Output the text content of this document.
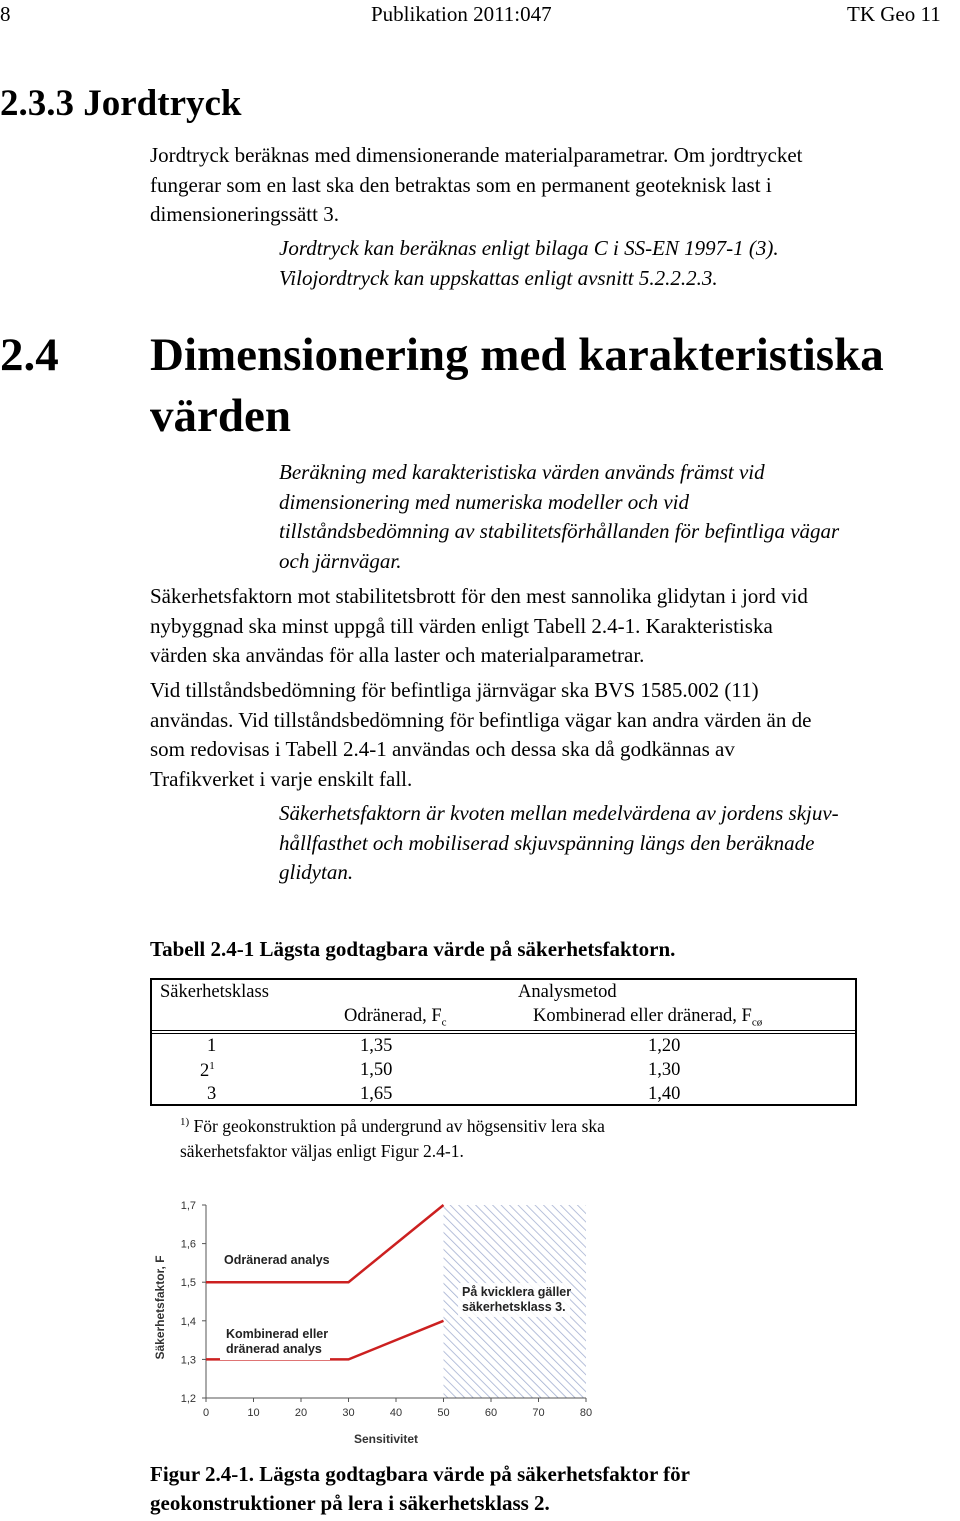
8	Publikation 2011:047	TK Geo 11
2.3.3 Jordtryck
Jordtryck beräknas med dimensionerande materialparametrar. Om jordtrycket
fungerar som en last ska den betraktas som en permanent geoteknisk last i
dimensioneringssätt 3.
Jordtryck kan beräknas enligt bilaga C i SS-EN 1997-1 (3).
Vilojordtryck kan uppskattas enligt avsnitt 5.2.2.2.3.
2.4 Dimensionering med karakteristiska
värden
Beräkning med karakteristiska värden används främst vid
dimensionering med numeriska modeller och vid
tillståndsbedömning av stabilitetsförhållanden för befintliga vägar
och järnvägar.
Säkerhetsfaktorn mot stabilitetsbrott för den mest sannolika glidytan i jord vid
nybyggnad ska minst uppgå till värden enligt Tabell 2.4-1. Karakteristiska
värden ska användas för alla laster och materialparametrar.
Vid tillståndsbedömning för befintliga järnvägar ska BVS 1585.002 (11)
användas. Vid tillståndsbedömning för befintliga vägar kan andra värden än de
som redovisas i Tabell 2.4-1 användas och dessa ska då godkännas av
Trafikverket i varje enskilt fall.
Säkerhetsfaktorn är kvoten mellan medelvärdena av jordens skjuv-
hållfasthet och mobiliserad skjuvspänning längs den beräknade
glidytan.
Tabell 2.4-1 Lägsta godtagbara värde på säkerhetsfaktorn.
Säkerhetsklass	Analysmetod
Odränerad, $F_c$	Kombinerad eller dränerad, $F_{cø}$
1	1,35	1,20
$2^1$	1,50	1,30
3	1,65	1,40
$^{1)}$ För geokonstruktion på undergrund av högsensitiv lera ska
säkerhetsfaktor väljas enligt Figur 2.4-1.
1,2
1,3
1,4
1,5
1,6
1,7
0	10	20	30	40	50	60	70	80
Sensitivitet
Säkerhetsfaktor, F	Odränerad analys
Kombinerad eller
dränerad analys
På kvicklera gäller
säkerhetsklass 3.
Figur 2.4-1. Lägsta godtagbara värde på säkerhetsfaktor för
geokonstruktioner på lera i säkerhetsklass 2.
